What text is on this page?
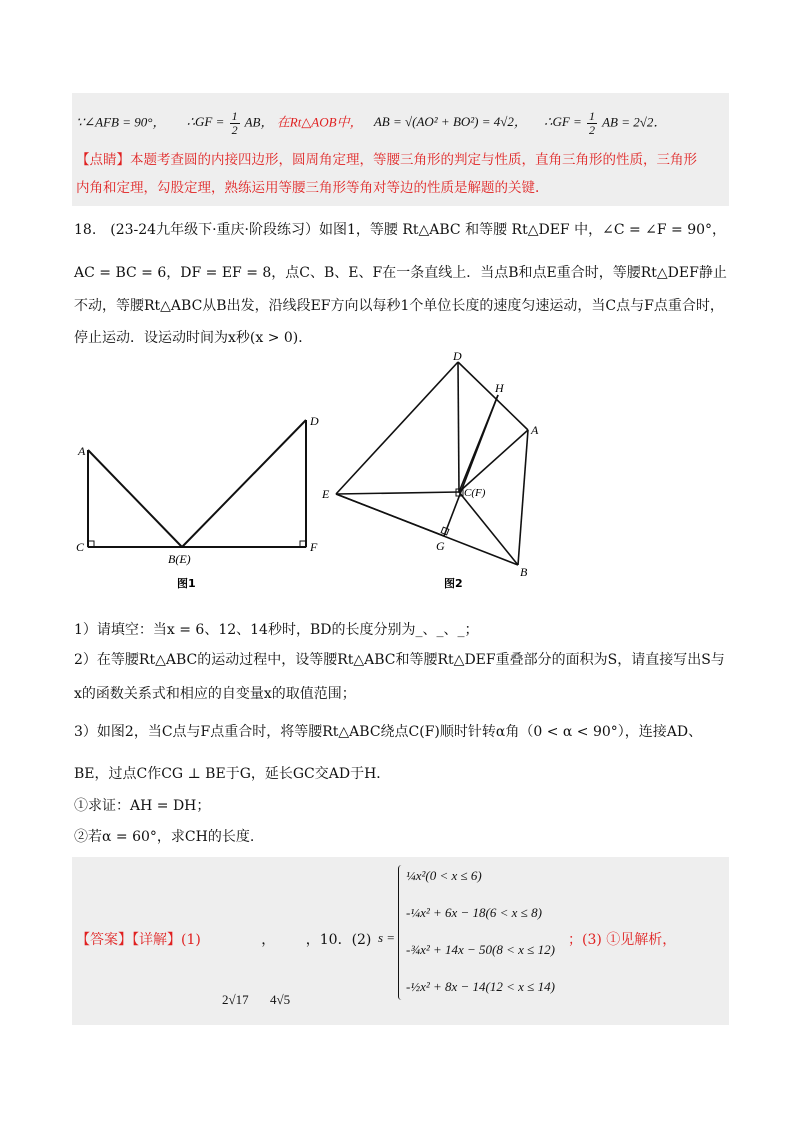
∵∠AFB = 90°， ∴GF = $\frac{1}{2}$ AB， 在Rt△AOB中， AB = √(AO² + BO²) = 4√2， ∴GF = $\frac{1}{2}$ AB = 2√2．
【点睛】本题考查圆的内接四边形，圆周角定理，等腰三角形的判定与性质，直角三角形的性质，三角形
内角和定理，勾股定理，熟练运用等腰三角形等角对等边的性质是解题的关键.
18.　(23-24九年级下·重庆·阶段练习）如图1，等腰 Rt△ABC 和等腰 Rt△DEF 中，∠C = ∠F = 90°，
AC = BC = 6，DF = EF = 8，点C、B、E、F在一条直线上．当点B和点E重合时，等腰Rt△DEF静止
不动，等腰Rt△ABC从B出发，沿线段EF方向以每秒1个单位长度的速度匀速运动，当C点与F点重合时，
停止运动．设运动时间为x秒(x > 0)．
A
C
B(E)
D
F
图1
D
H
A
E	C(F)
G
B
图2
1）请填空：当x = 6、12、14秒时，BD的长度分别为_、_、_；
2）在等腰Rt△ABC的运动过程中，设等腰Rt△ABC和等腰Rt△DEF重叠部分的面积为S，请直接写出S与
x的函数关系式和相应的自变量x的取值范围；
3）如图2，当C点与F点重合时，将等腰Rt△ABC绕点C(F)顺时针转α角（0 < α < 90°），连接AD、
BE，过点C作CG ⊥ BE于G，延长GC交AD于H．
①求证：AH = DH；
②若α = 60°，求CH的长度.
【答案】【详解】(1)	， ，10．(2) s =
¼x²(0 < x ≤ 6)
-¼x² + 6x − 18(6 < x ≤ 8)
-¾x² + 14x − 50(8 < x ≤ 12)
-½x² + 8x − 14(12 < x ≤ 14)
；(3) ①见解析，
2√17 4√5
